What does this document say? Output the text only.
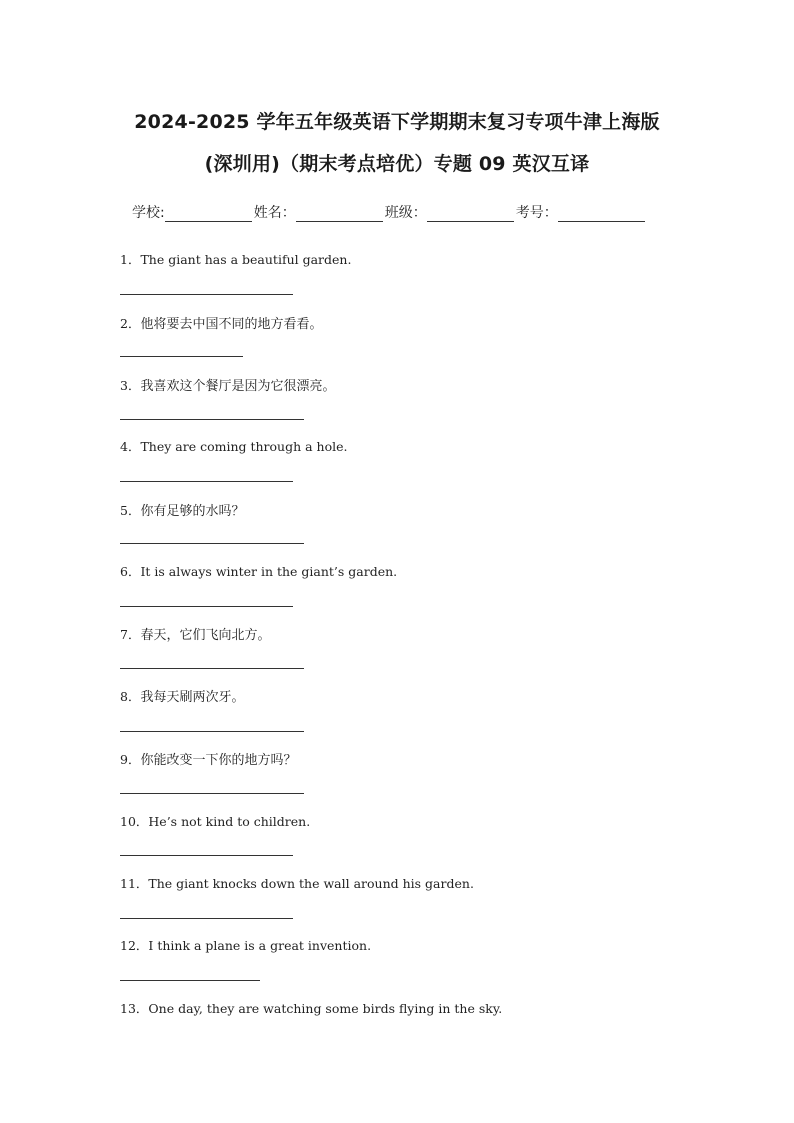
2024-2025 学年五年级英语下学期期末复习专项牛津上海版
(深圳用)（期末考点培优）专题 09 英汉互译
学校:	姓名：	班级：	考号：
1．The giant has a beautiful garden.
2．他将要去中国不同的地方看看。
3．我喜欢这个餐厅是因为它很漂亮。
4．They are coming through a hole.
5．你有足够的水吗？
6．It is always winter in the giant’s garden.
7．春天，它们飞向北方。
8．我每天刷两次牙。
9．你能改变一下你的地方吗？
10．He’s not kind to children.
11．The giant knocks down the wall around his garden.
12．I think a plane is a great invention.
13．One day, they are watching some birds flying in the sky.
